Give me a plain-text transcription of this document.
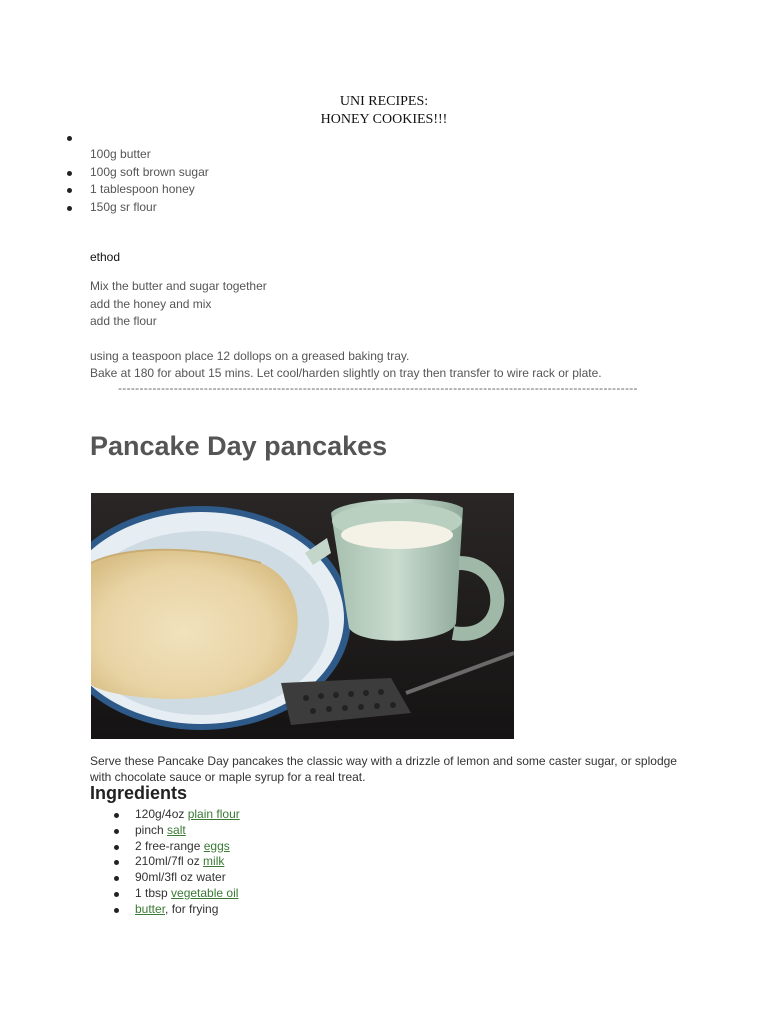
UNI RECIPES:
HONEY COOKIES!!!
100g butter
100g soft brown sugar
1 tablespoon honey
150g sr flour
ethod
Mix the butter and sugar together
add the honey and mix
add the flour
using a teaspoon place 12 dollops on a greased baking tray.
Bake at 180 for about 15 mins. Let cool/harden slightly on tray then transfer to wire rack or plate.
-------------------------------------------------------------------------------------------------------------------------
Pancake Day pancakes
Serve these Pancake Day pancakes the classic way with a drizzle of lemon and some caster sugar, or splodge with chocolate sauce or maple syrup for a real treat.
Ingredients
120g/4oz plain flour
pinch salt
2 free-range eggs
210ml/7fl oz milk
90ml/3fl oz water
1 tbsp vegetable oil
butter, for frying
